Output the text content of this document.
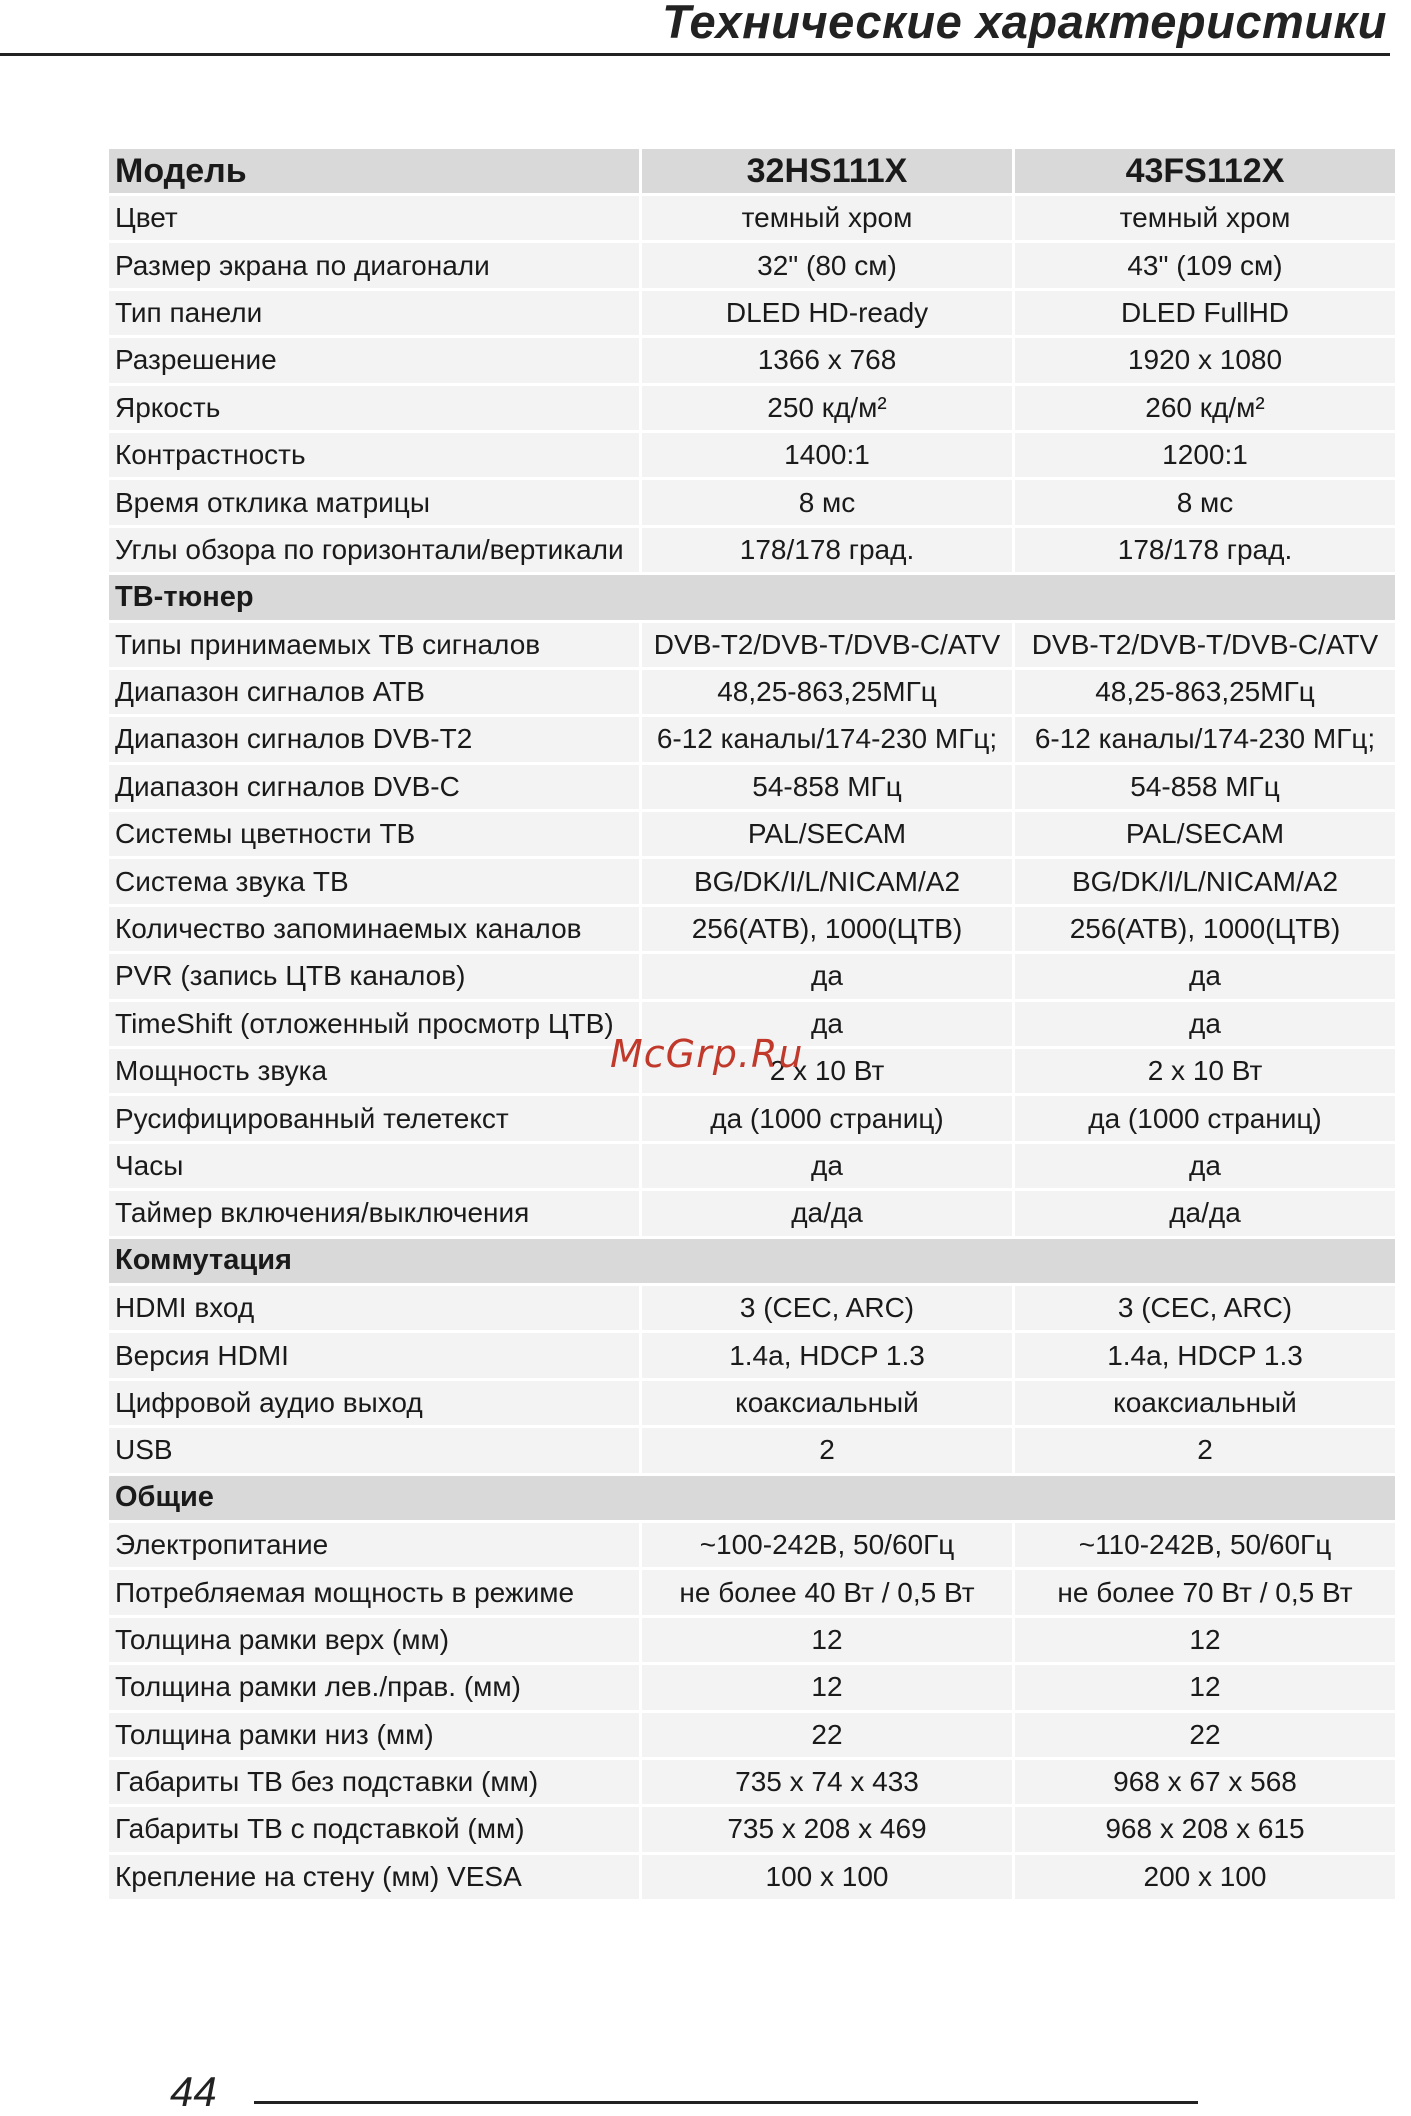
Технические характеристики
Модель	32HS111X	43FS112X
Цвет	темный хром	темный хром
Размер экрана по диагонали	32" (80 см)	43" (109 см)
Тип панели	DLED HD-ready	DLED FullHD
Разрешение	1366 x 768	1920 x 1080
Яркость	250 кд/м²	260 кд/м²
Контрастность	1400:1	1200:1
Время отклика матрицы	8 мс	8 мс
Углы обзора по горизонтали/вертикали	178/178 град.	178/178 град.
ТВ-тюнер		
Типы принимаемых ТВ сигналов	DVB-T2/DVB-T/DVB-C/ATV	DVB-T2/DVB-T/DVB-C/ATV
Диапазон сигналов АТВ	48,25-863,25МГц	48,25-863,25МГц
Диапазон сигналов DVB-T2	6-12 каналы/174-230 МГц;	6-12 каналы/174-230 МГц;
Диапазон сигналов DVB-C	54-858 МГц	54-858 МГц
Системы цветности ТВ	PAL/SECAM	PAL/SECAM
Система звука ТВ	BG/DK/I/L/NICAM/A2	BG/DK/I/L/NICAM/A2
Количество запоминаемых каналов	256(АТВ), 1000(ЦТВ)	256(АТВ), 1000(ЦТВ)
PVR (запись ЦТВ каналов)	да	да
TimeShift (отложенный просмотр ЦТВ)	да	да
Мощность звука	2 x 10 Вт	2 x 10 Вт
Русифицированный телетекст	да (1000 страниц)	да (1000 страниц)
Часы	да	да
Таймер включения/выключения	да/да	да/да
Коммутация		
HDMI вход	3 (CEC, ARC)	3 (CEC, ARC)
Версия HDMI	1.4a, HDCP 1.3	1.4a, HDCP 1.3
Цифровой аудио выход	коаксиальный	коаксиальный
USB	2	2
Общие		
Электропитание	~100-242В, 50/60Гц	~110-242В, 50/60Гц
Потребляемая мощность в режиме	не более 40 Вт / 0,5 Вт	не более 70 Вт / 0,5 Вт
Толщина рамки верх (мм)	12	12
Толщина рамки лев./прав. (мм)	12	12
Толщина рамки низ (мм)	22	22
Габариты ТВ без подставки (мм)	735 x 74 x 433	968 x 67 x 568
Габариты ТВ с подставкой (мм)	735 x 208 x 469	968 x 208 x 615
Крепление на стену (мм) VESA	100 x 100	200 x 100
McGrp.Ru
44
